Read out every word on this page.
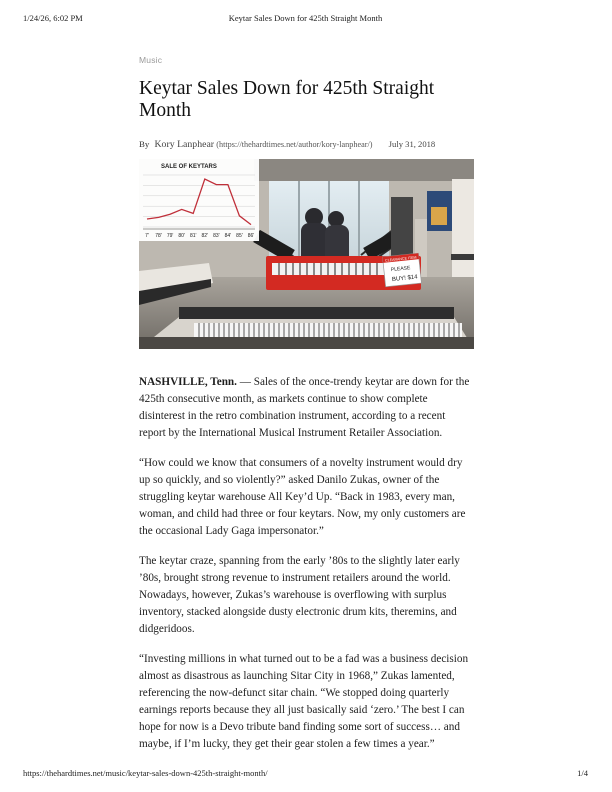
1/24/26, 6:02 PM	Keytar Sales Down for 425th Straight Month
Music
Keytar Sales Down for 425th Straight Month
By Kory Lanphear (https://thehardtimes.net/author/kory-lanphear/) July 31, 2018
CLEARANCE ITEM
PLEASE
BUY! $14
SALE OF KEYTARS
7' 78' 79' 80' 81' 82' 83' 84' 85' 86'

NASHVILLE, Tenn. — Sales of the once-trendy keytar are down for the 425th consecutive month, as markets continue to show complete disinterest in the retro combination instrument, according to a recent report by the International Musical Instrument Retailer Association.

“How could we know that consumers of a novelty instrument would dry up so quickly, and so violently?” asked Danilo Zukas, owner of the struggling keytar warehouse All Key’d Up. “Back in 1983, every man, woman, and child had three or four keytars. Now, my only customers are the occasional Lady Gaga impersonator.”

The keytar craze, spanning from the early ’80s to the slightly later early ’80s, brought strong revenue to instrument retailers around the world. Nowadays, however, Zukas’s warehouse is overflowing with surplus inventory, stacked alongside dusty electronic drum kits, theremins, and didgeridoos.

“Investing millions in what turned out to be a fad was a business decision almost as disastrous as launching Sitar City in 1968,” Zukas lamented, referencing the now-defunct sitar chain. “We stopped doing quarterly earnings reports because they all just basically said ‘zero.’ The best I can hope for now is a Devo tribute band finding some sort of success… and maybe, if I’m lucky, they get their gear stolen a few times a year.”

https://thehardtimes.net/music/keytar-sales-down-425th-straight-month/	1/4
